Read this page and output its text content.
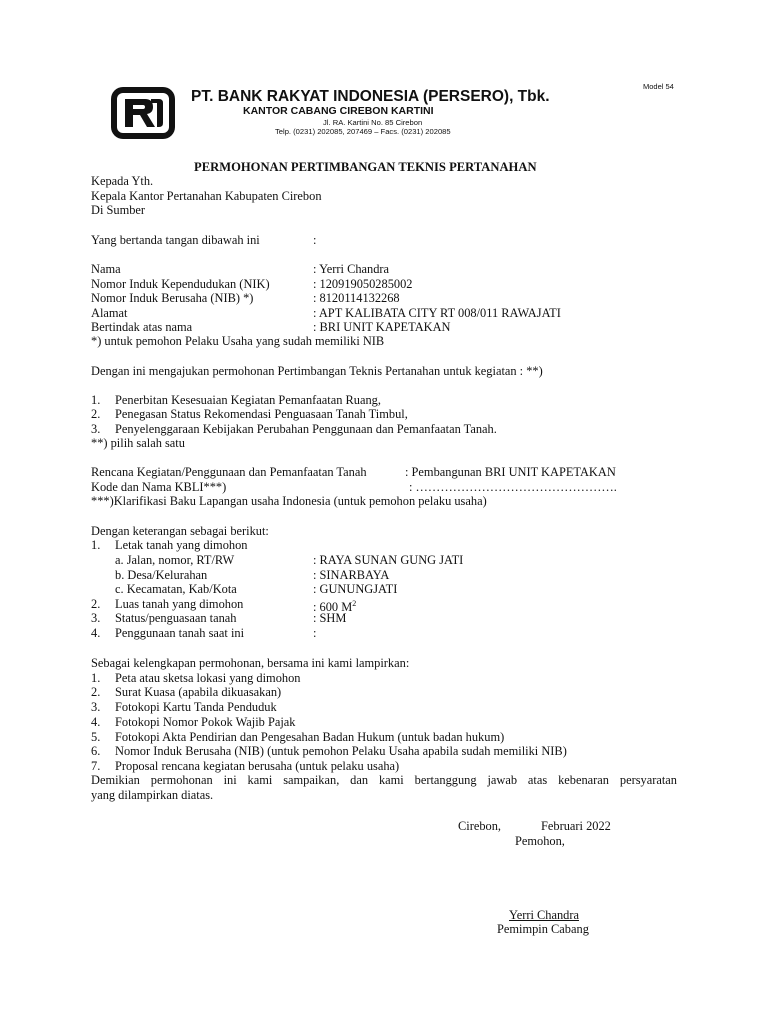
Model 54
PT. BANK RAKYAT INDONESIA (PERSERO), Tbk.
KANTOR CABANG CIREBON KARTINI
Jl. RA. Kartini No. 85 Cirebon
Telp. (0231) 202085, 207469 – Facs. (0231) 202085
PERMOHONAN PERTIMBANGAN TEKNIS PERTANAHAN
Kepada Yth.
Kepala Kantor Pertanahan Kabupaten Cirebon
Di Sumber
Yang bertanda tangan dibawah ini	:
Nama	: Yerri Chandra
Nomor Induk Kependudukan (NIK)	: 120919050285002
Nomor Induk Berusaha (NIB) *)	: 8120114132268
Alamat	: APT KALIBATA CITY RT 008/011 RAWAJATI
Bertindak atas nama	: BRI UNIT KAPETAKAN
*) untuk pemohon Pelaku Usaha yang sudah memiliki NIB
Dengan ini mengajukan permohonan Pertimbangan Teknis Pertanahan untuk kegiatan : **)
1. Penerbitan Kesesuaian Kegiatan Pemanfaatan Ruang,
2. Penegasan Status Rekomendasi Penguasaan Tanah Timbul,
3. Penyelenggaraan Kebijakan Perubahan Penggunaan dan Pemanfaatan Tanah.
**) pilih salah satu
Rencana Kegiatan/Penggunaan dan Pemanfaatan Tanah	: Pembangunan BRI UNIT KAPETAKAN
Kode dan Nama KBLI***)	: ………………………………………….
***)Klarifikasi Baku Lapangan usaha Indonesia (untuk pemohon pelaku usaha)
Dengan keterangan sebagai berikut:
1. Letak tanah yang dimohon
a. Jalan, nomor, RT/RW	: RAYA SUNAN GUNG JATI
b. Desa/Kelurahan	: SINARBAYA
c. Kecamatan, Kab/Kota	: GUNUNGJATI
2. Luas tanah yang dimohon	: 600 $M^2$
3. Status/penguasaan tanah	: SHM
4. Penggunaan tanah saat ini	:
Sebagai kelengkapan permohonan, bersama ini kami lampirkan:
1. Peta atau sketsa lokasi yang dimohon
2. Surat Kuasa (apabila dikuasakan)
3. Fotokopi Kartu Tanda Penduduk
4. Fotokopi Nomor Pokok Wajib Pajak
5. Fotokopi Akta Pendirian dan Pengesahan Badan Hukum (untuk badan hukum)
6. Nomor Induk Berusaha (NIB) (untuk pemohon Pelaku Usaha apabila sudah memiliki NIB)
7. Proposal rencana kegiatan berusaha (untuk pelaku usaha)
Demikian permohonan ini kami sampaikan, dan kami bertanggung jawab atas kebenaran persyaratan
yang dilampirkan diatas.
Cirebon,	Februari 2022
Pemohon,
Yerri Chandra
Pemimpin Cabang
